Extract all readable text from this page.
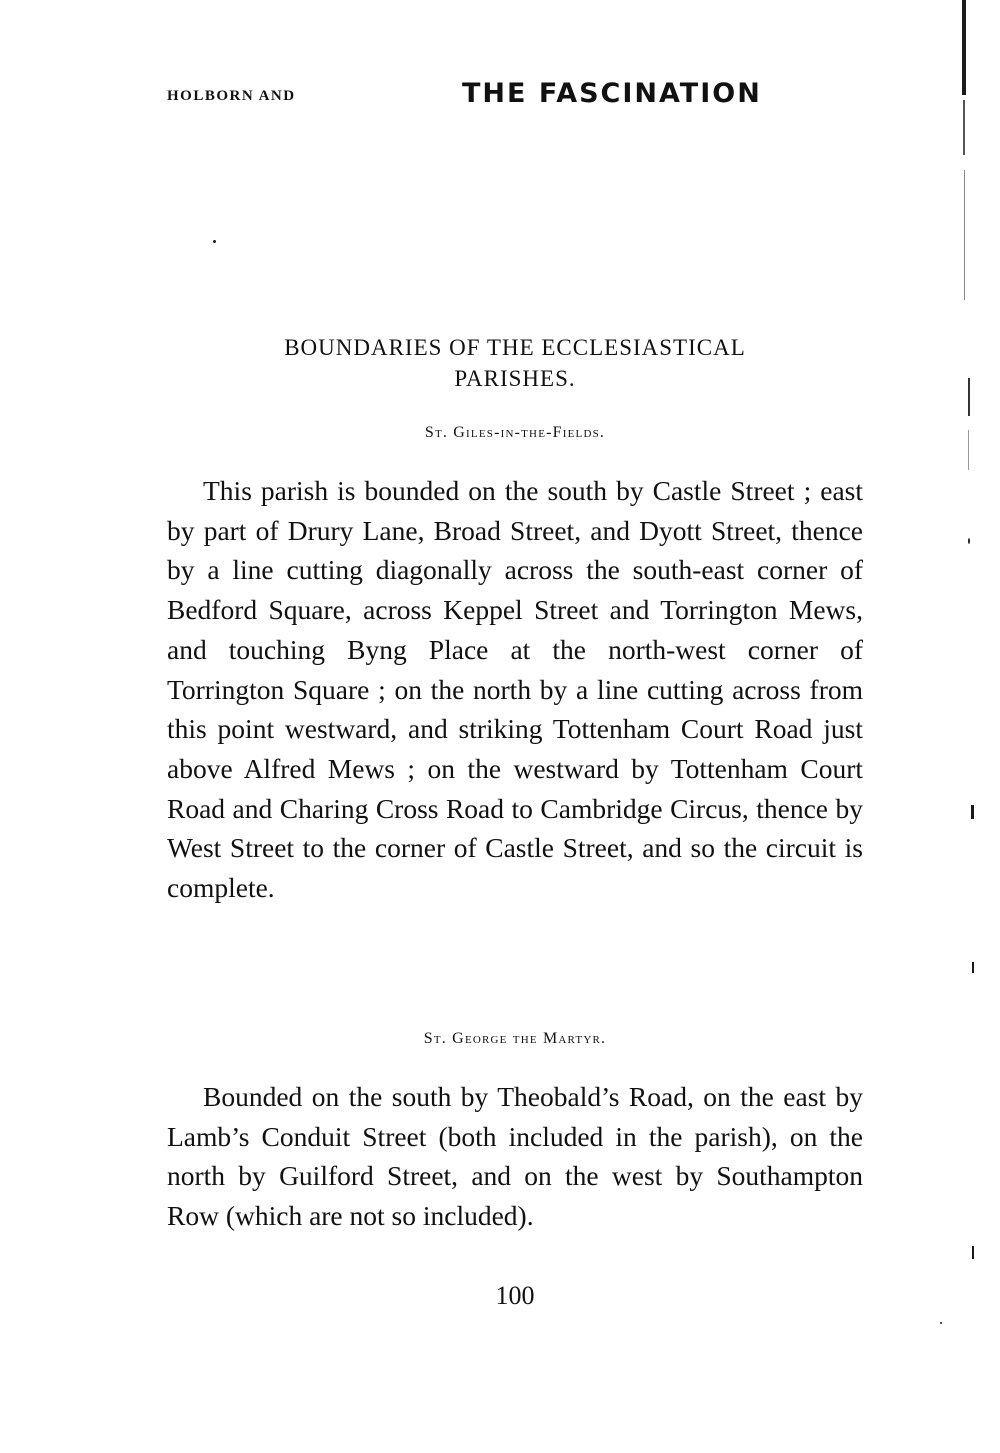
HOLBORN AND	THE FASCINATION
BOUNDARIES OF THE ECCLESIASTICAL
PARISHES.
St. Giles-in-the-Fields.

This parish is bounded on the south by Castle Street ; east by part of Drury Lane, Broad Street, and Dyott Street, thence by a line cutting diagonally across the south-east corner of Bedford Square, across Keppel Street and Torrington Mews, and touching Byng Place at the north-west corner of Torrington Square ; on the north by a line cutting across from this point westward, and striking Tottenham Court Road just above Alfred Mews ; on the westward by Tottenham Court Road and Charing Cross Road to Cambridge Circus, thence by West Street to the corner of Castle Street, and so the circuit is complete.

St. George the Martyr.

Bounded on the south by Theobald’s Road, on the east by Lamb’s Conduit Street (both included in the parish), on the north by Guilford Street, and on the west by Southampton Row (which are not so included).

100
